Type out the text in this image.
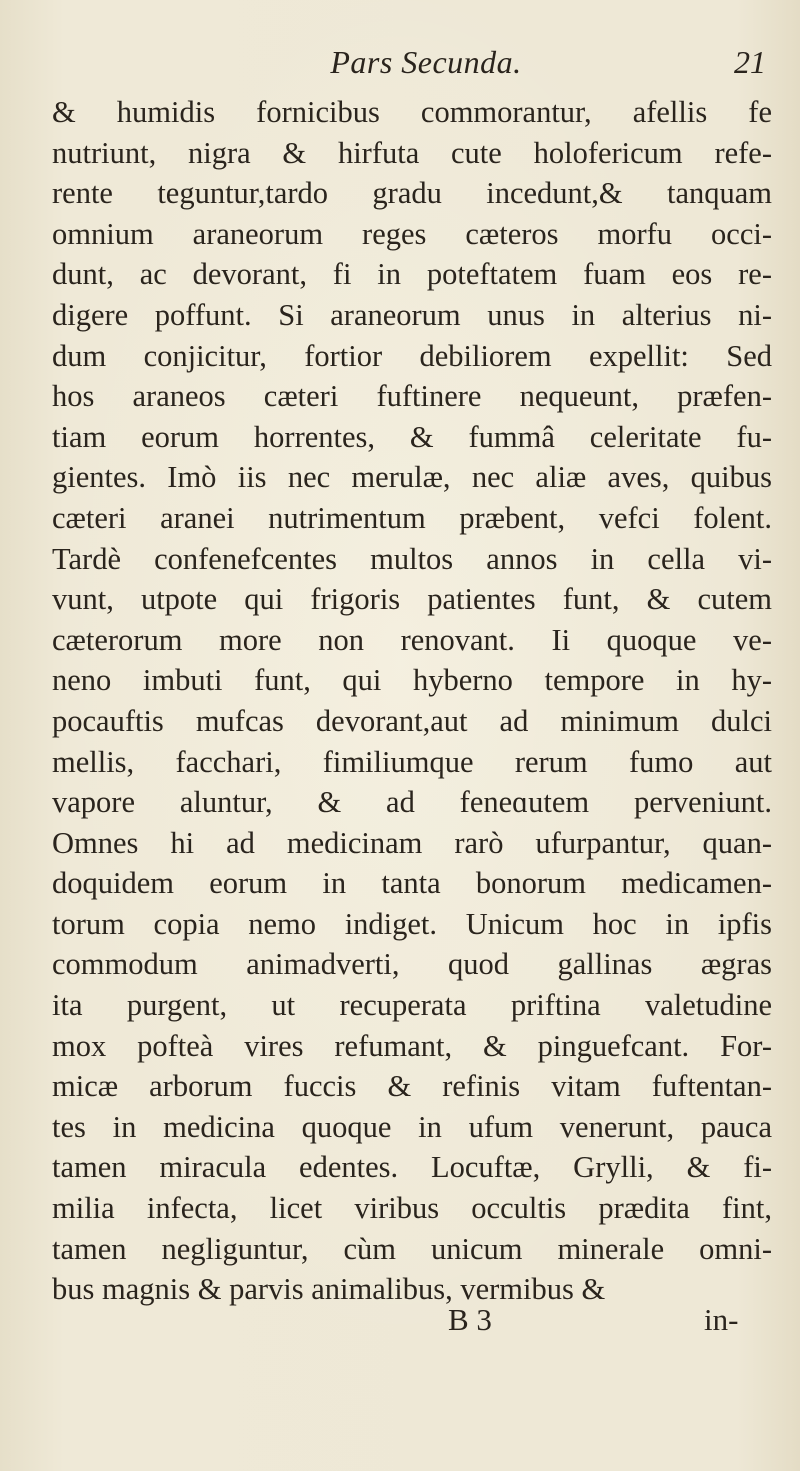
Pars Secunda.	21
& humidis fornicibus commorantur, afellis fe
nutriunt, nigra & hirfuta cute holofericum refe-
rente teguntur,tardo gradu incedunt,& tanquam
omnium araneorum reges cæteros morfu occi-
dunt, ac devorant, fi in poteftatem fuam eos re-
digere poffunt. Si araneorum unus in alterius ni-
dum conjicitur, fortior debiliorem expellit: Sed
hos araneos cæteri fuftinere nequeunt, præfen-
tiam eorum horrentes, & fummâ celeritate fu-
gientes. Imò iis nec merulæ, nec aliæ aves, quibus
cæteri aranei nutrimentum præbent, vefci folent.
Tardè confenefcentes multos annos in cella vi-
vunt, utpote qui frigoris patientes funt, & cutem
cæterorum more non renovant. Ii quoque ve-
neno imbuti funt, qui hyberno tempore in hy-
pocauftis mufcas devorant,aut ad minimum dulci
mellis, facchari, fimiliumque rerum fumo aut
vapore aluntur, & ad feneɑutem perveniunt.
Omnes hi ad medicinam rarò ufurpantur, quan-
doquidem eorum in tanta bonorum medicamen-
torum copia nemo indiget. Unicum hoc in ipfis
commodum animadverti, quod gallinas ægras
ita purgent, ut recuperata priftina valetudine
mox pofteà vires refumant, & pinguefcant. For-
micæ arborum fuccis & refinis vitam fuftentan-
tes in medicina quoque in ufum venerunt, pauca
tamen miracula edentes. Locuftæ, Grylli, & fi-
milia infecta, licet viribus occultis prædita fint,
tamen negliguntur, cùm unicum minerale omni-
bus magnis & parvis animalibus, vermibus &
B 3	in-
